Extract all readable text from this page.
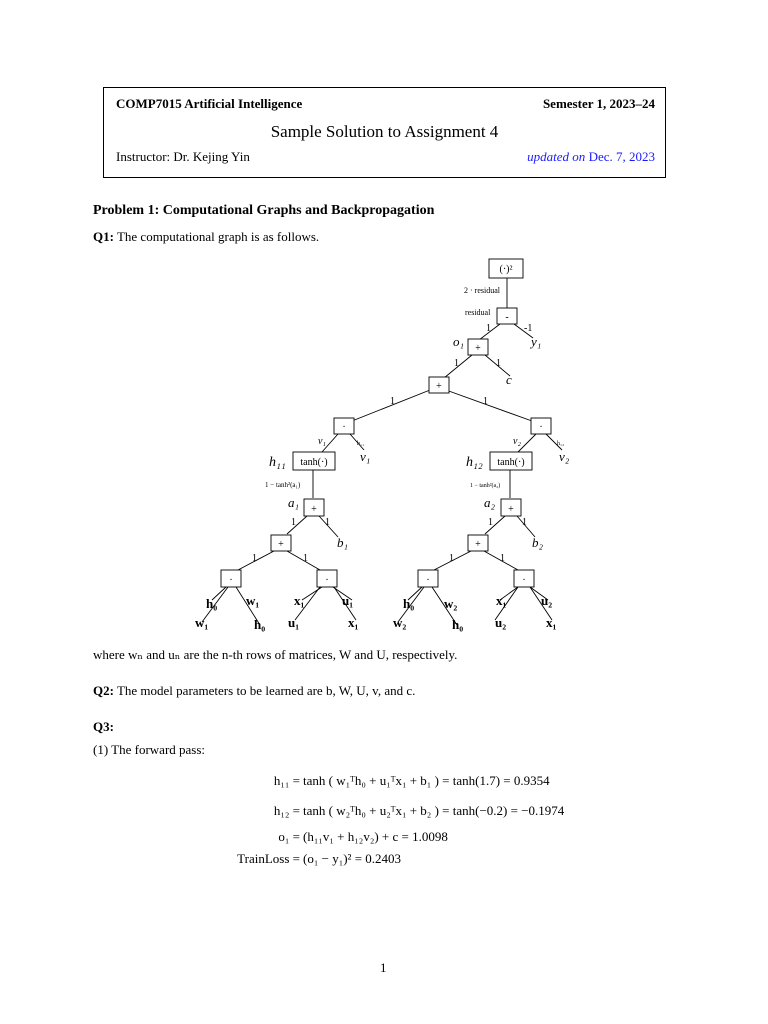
COMP7015 Artificial Intelligence	Semester 1, 2023–24
Sample Solution to Assignment 4
Instructor: Dr. Kejing Yin	updated on Dec. 7, 2023
Problem 1: Computational Graphs and Backpropagation
Q1: The computational graph is as follows.
(·)²
-
+
+
·	·
tanh(·)	tanh(·)
+	+
+	+
·	·	·	·
2 · residual
residual
1 − tanh²(a₁)	1 − tanh²(a₂)
h₁₁	h₁₂
1	-1
1	1
1	1
1	1
1	1
1	1
1	1
o₁	y₁
c
v₁
v₁
v₂
v₂
h₁₁	h₁₂
a₁	a₂
b₁	b₂
h₀ w₁
w₁	h₀
x₁	u₁
u₁	x₁
h₀ w₂
w₂	h₀
x₁	u₂
u₂	x₁
where wₙ and uₙ are the n-th rows of matrices, W and U, respectively.
Q2: The model parameters to be learned are b, W, U, v, and c.
Q3:
(1) The forward pass:
h₁₁ = tanh ( w₁ᵀh₀ + u₁ᵀx₁ + b₁ ) = tanh(1.7) = 0.9354
h₁₂ = tanh ( w₂ᵀh₀ + u₂ᵀx₁ + b₂ ) = tanh(−0.2) = −0.1974
o₁ = (h₁₁v₁ + h₁₂v₂) + c = 1.0098
TrainLoss = (o₁ − y₁)² = 0.2403
1
